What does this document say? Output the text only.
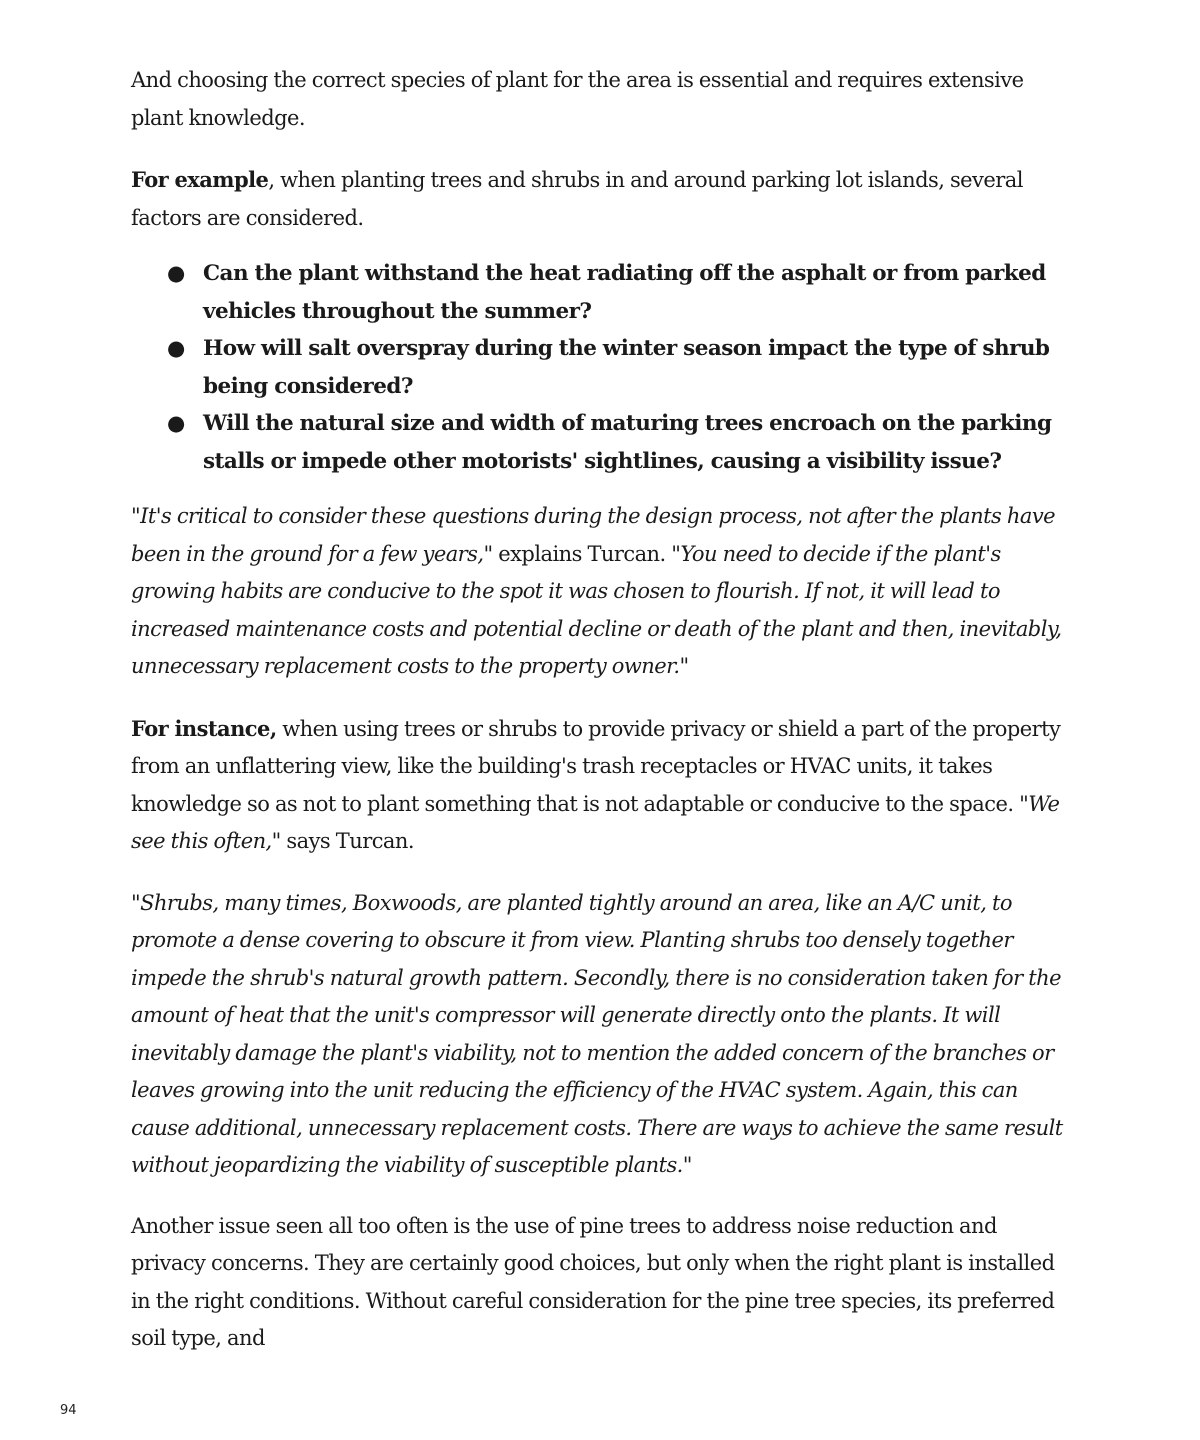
And choosing the correct species of plant for the area is essential and requires extensive plant knowledge.

For example, when planting trees and shrubs in and around parking lot islands, several factors are considered.

● Can the plant withstand the heat radiating off the asphalt or from parked vehicles throughout the summer?
● How will salt overspray during the winter season impact the type of shrub being considered?
● Will the natural size and width of maturing trees encroach on the parking stalls or impede other motorists' sightlines, causing a visibility issue?

"It's critical to consider these questions during the design process, not after the plants have been in the ground for a few years," explains Turcan. "You need to decide if the plant's growing habits are conducive to the spot it was chosen to flourish. If not, it will lead to increased maintenance costs and potential decline or death of the plant and then, inevitably, unnecessary replacement costs to the property owner."

For instance, when using trees or shrubs to provide privacy or shield a part of the property from an unflattering view, like the building's trash receptacles or HVAC units, it takes knowledge so as not to plant something that is not adaptable or conducive to the space. "We see this often," says Turcan.

"Shrubs, many times, Boxwoods, are planted tightly around an area, like an A/C unit, to promote a dense covering to obscure it from view. Planting shrubs too densely together impede the shrub's natural growth pattern. Secondly, there is no consideration taken for the amount of heat that the unit's compressor will generate directly onto the plants. It will inevitably damage the plant's viability, not to mention the added concern of the branches or leaves growing into the unit reducing the efficiency of the HVAC system. Again, this can cause additional, unnecessary replacement costs. There are ways to achieve the same result without jeopardizing the viability of susceptible plants."

Another issue seen all too often is the use of pine trees to address noise reduction and privacy concerns. They are certainly good choices, but only when the right plant is installed in the right conditions. Without careful consideration for the pine tree species, its preferred soil type, and

94
